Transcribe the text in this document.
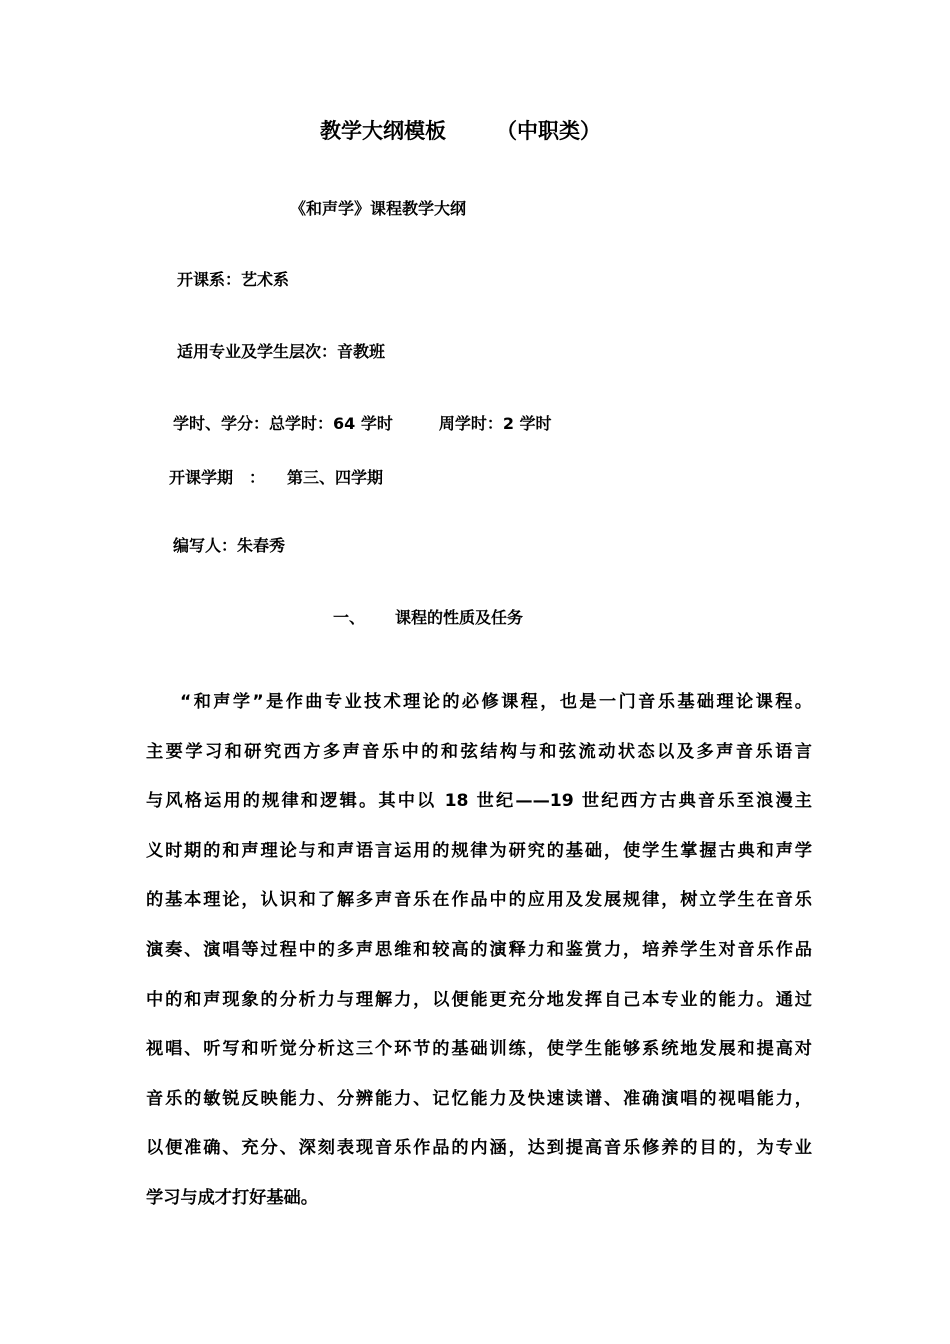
教学大纲模板 （中职类）
《和声学》课程教学大纲
开课系：艺术系
适用专业及学生层次：音教班
学时、学分：总学时：64 学时	周学时：2 学时
开课学期 ： 第三、四学期
编写人：朱春秀
一、 课程的性质及任务
“和声学”是作曲专业技术理论的必修课程，也是一门音乐基础理论课程。
主要学习和研究西方多声音乐中的和弦结构与和弦流动状态以及多声音乐语言
与风格运用的规律和逻辑。其中以 18 世纪——19 世纪西方古典音乐至浪漫主
义时期的和声理论与和声语言运用的规律为研究的基础，使学生掌握古典和声学
的基本理论，认识和了解多声音乐在作品中的应用及发展规律，树立学生在音乐
演奏、演唱等过程中的多声思维和较高的演释力和鉴赏力，培养学生对音乐作品
中的和声现象的分析力与理解力，以便能更充分地发挥自己本专业的能力。通过
视唱、听写和听觉分析这三个环节的基础训练，使学生能够系统地发展和提高对
音乐的敏锐反映能力、分辨能力、记忆能力及快速读谱、准确演唱的视唱能力，
以便准确、充分、深刻表现音乐作品的内涵，达到提高音乐修养的目的，为专业
学习与成才打好基础。
